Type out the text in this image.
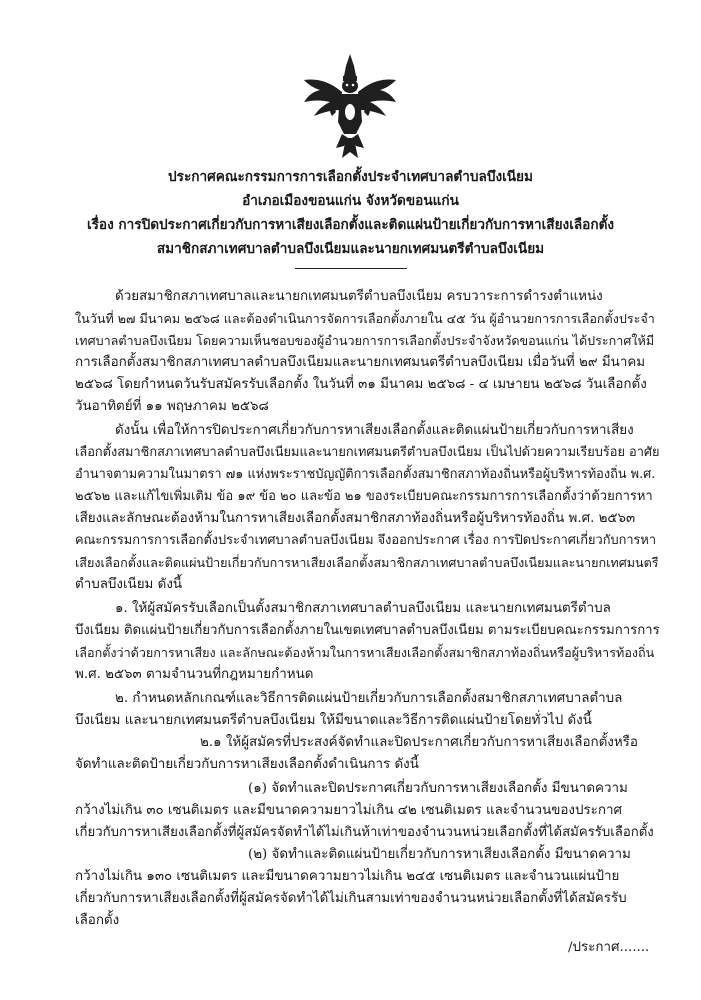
ประกาศคณะกรรมการการเลือกตั้งประจำเทศบาลตำบลบึงเนียม
อำเภอเมืองขอนแก่น จังหวัดขอนแก่น
เรื่อง การปิดประกาศเกี่ยวกับการหาเสียงเลือกตั้งและติดแผ่นป้ายเกี่ยวกับการหาเสียงเลือกตั้ง
สมาชิกสภาเทศบาลตำบลบึงเนียมและนายกเทศมนตรีตำบลบึงเนียม
ด้วยสมาชิกสภาเทศบาลและนายกเทศมนตรีตำบลบึงเนียม ครบวาระการดำรงตำแหน่ง
ในวันที่ ๒๗ มีนาคม ๒๕๖๘ และต้องดำเนินการจัดการเลือกตั้งภายใน ๔๕ วัน ผู้อำนวยการการเลือกตั้งประจำ
เทศบาลตำบลบึงเนียม โดยความเห็นชอบของผู้อำนวยการการเลือกตั้งประจำจังหวัดขอนแก่น ได้ประกาศให้มี
การเลือกตั้งสมาชิกสภาเทศบาลตำบลบึงเนียมและนายกเทศมนตรีตำบลบึงเนียม เมื่อวันที่ ๒๙ มีนาคม
๒๕๖๘ โดยกำหนดวันรับสมัครรับเลือกตั้ง ในวันที่ ๓๑ มีนาคม ๒๕๖๘ - ๔ เมษายน ๒๕๖๘ วันเลือกตั้ง
วันอาทิตย์ที่ ๑๑ พฤษภาคม ๒๕๖๘
ดังนั้น เพื่อให้การปิดประกาศเกี่ยวกับการหาเสียงเลือกตั้งและติดแผ่นป้ายเกี่ยวกับการหาเสียง
เลือกตั้งสมาชิกสภาเทศบาลตำบลบึงเนียมและนายกเทศมนตรีตำบลบึงเนียม เป็นไปด้วยความเรียบร้อย อาศัย
อำนาจตามความในมาตรา ๗๑ แห่งพระราชบัญญัติการเลือกตั้งสมาชิกสภาท้องถิ่นหรือผู้บริหารท้องถิ่น พ.ศ.
๒๕๖๒ และแก้ไขเพิ่มเติม ข้อ ๑๙ ข้อ ๒๐ และข้อ ๒๑ ของระเบียบคณะกรรมการการเลือกตั้งว่าด้วยการหา
เสียงและลักษณะต้องห้ามในการหาเสียงเลือกตั้งสมาชิกสภาท้องถิ่นหรือผู้บริหารท้องถิ่น พ.ศ. ๒๕๖๓
คณะกรรมการการเลือกตั้งประจำเทศบาลตำบลบึงเนียม จึงออกประกาศ เรื่อง การปิดประกาศเกี่ยวกับการหา
เสียงเลือกตั้งและติดแผ่นป้ายเกี่ยวกับการหาเสียงเลือกตั้งสมาชิกสภาเทศบาลตำบลบึงเนียมและนายกเทศมนตรี
ตำบลบึงเนียม ดังนี้
๑. ให้ผู้สมัครรับเลือกเป็นตั้งสมาชิกสภาเทศบาลตำบลบึงเนียม และนายกเทศมนตรีตำบล
บึงเนียม ติดแผ่นป้ายเกี่ยวกับการเลือกตั้งภายในเขตเทศบาลตำบลบึงเนียม ตามระเบียบคณะกรรมการการ
เลือกตั้งว่าด้วยการหาเสียง และลักษณะต้องห้ามในการหาเสียงเลือกตั้งสมาชิกสภาท้องถิ่นหรือผู้บริหารท้องถิ่น
พ.ศ. ๒๕๖๓ ตามจำนวนที่กฎหมายกำหนด
๒. กำหนดหลักเกณฑ์และวิธีการติดแผ่นป้ายเกี่ยวกับการเลือกตั้งสมาชิกสภาเทศบาลตำบล
บึงเนียม และนายกเทศมนตรีตำบลบึงเนียม ให้มีขนาดและวิธีการติดแผ่นป้ายโดยทั่วไป ดังนี้
๒.๑ ให้ผู้สมัครที่ประสงค์จัดทำและปิดประกาศเกี่ยวกับการหาเสียงเลือกตั้งหรือ
จัดทำและติดป้ายเกี่ยวกับการหาเสียงเลือกตั้งดำเนินการ ดังนี้
(๑) จัดทำและปิดประกาศเกี่ยวกับการหาเสียงเลือกตั้ง มีขนาดความ
กว้างไม่เกิน ๓๐ เซนติเมตร และมีขนาดความยาวไม่เกิน ๔๒ เซนติเมตร และจำนวนของประกาศ
เกี่ยวกับการหาเสียงเลือกตั้งที่ผู้สมัครจัดทำได้ไม่เกินห้าเท่าของจำนวนหน่วยเลือกตั้งที่ได้สมัครรับเลือกตั้ง
(๒) จัดทำและติดแผ่นป้ายเกี่ยวกับการหาเสียงเลือกตั้ง มีขนาดความ
กว้างไม่เกิน ๑๓๐ เซนติเมตร และมีขนาดความยาวไม่เกิน ๒๔๕ เซนติเมตร และจำนวนแผ่นป้าย
เกี่ยวกับการหาเสียงเลือกตั้งที่ผู้สมัครจัดทำได้ไม่เกินสามเท่าของจำนวนหน่วยเลือกตั้งที่ได้สมัครรับ
เลือกตั้ง
/ประกาศ.......
